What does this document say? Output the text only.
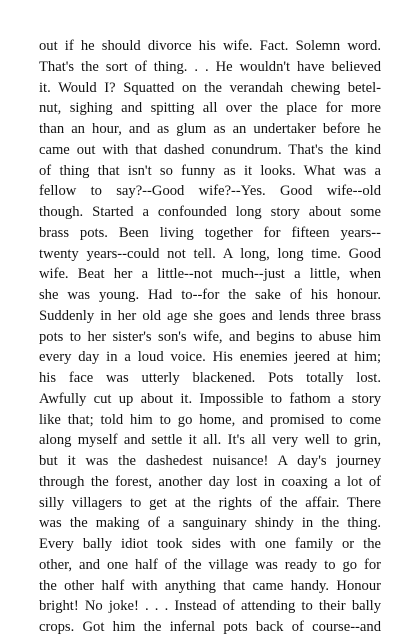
out if he should divorce his wife. Fact. Solemn word.
That's the sort of thing. . . He wouldn't have believed
it. Would I? Squatted on the verandah chewing betel-
nut, sighing and spitting all over the place for more
than an hour, and as glum as an undertaker before he
came out with that dashed conundrum. That's the kind
of thing that isn't so funny as it looks. What was a
fellow to say?--Good wife?--Yes. Good wife--old
though. Started a confounded long story about some
brass pots. Been living together for fifteen years--
twenty years--could not tell. A long, long time. Good
wife. Beat her a little--not much--just a little, when
she was young. Had to--for the sake of his honour.
Suddenly in her old age she goes and lends three brass
pots to her sister's son's wife, and begins to abuse him
every day in a loud voice. His enemies jeered at him;
his face was utterly blackened. Pots totally lost.
Awfully cut up about it. Impossible to fathom a story
like that; told him to go home, and promised to come
along myself and settle it all. It's all very well to grin,
but it was the dashedest nuisance! A day's journey
through the forest, another day lost in coaxing a lot of
silly villagers to get at the rights of the affair. There
was the making of a sanguinary shindy in the thing.
Every bally idiot took sides with one family or the
other, and one half of the village was ready to go for
the other half with anything that came handy. Honour
bright! No joke! . . . Instead of attending to their bally
crops. Got him the infernal pots back of course--and
